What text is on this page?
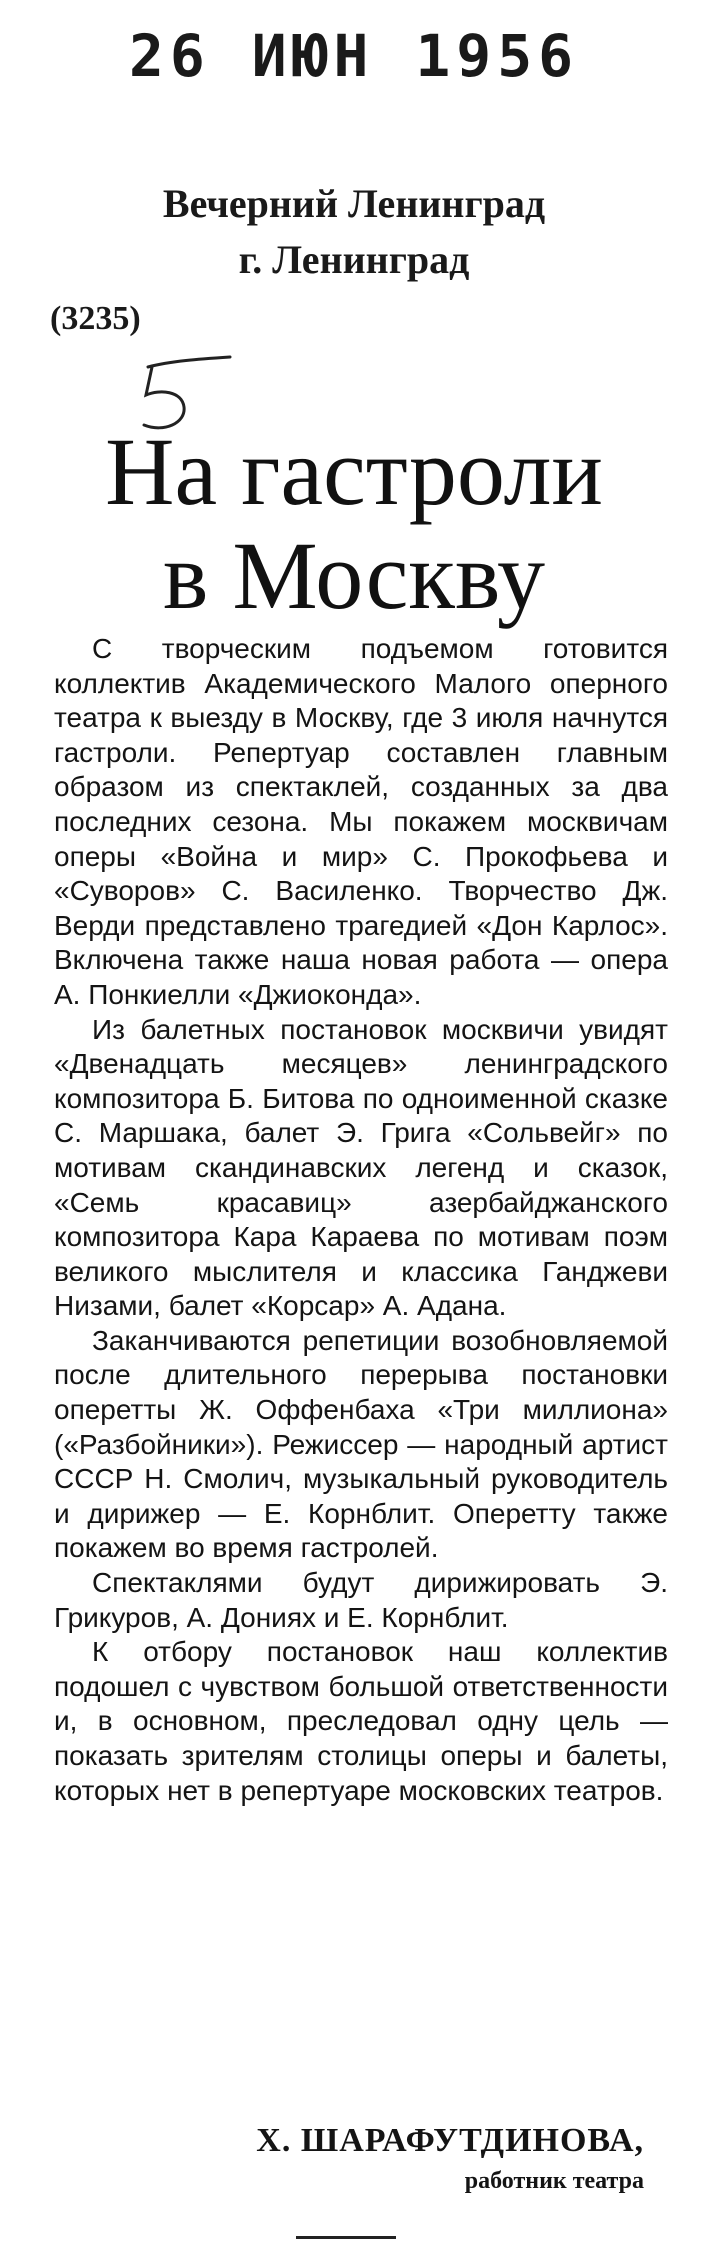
26 ИЮН 1956
Вечерний Ленинград
г. Ленинград
(3235)
На гастроли
в Москву

С творческим подъемом готовится коллектив Академического Малого оперного театра к выезду в Москву, где 3 июля начнутся гастроли. Репертуар составлен главным образом из спектаклей, созданных за два последних сезона. Мы покажем москвичам оперы «Война и мир» С. Прокофьева и «Суворов» С. Василенко. Творчество Дж. Верди представлено трагедией «Дон Карлос». Включена также наша новая работа — опера А. Понкиелли «Джиоконда».

Из балетных постановок москвичи увидят «Двенадцать месяцев» ленинградского композитора Б. Битова по одноименной сказке С. Маршака, балет Э. Грига «Сольвейг» по мотивам скандинавских легенд и сказок, «Семь красавиц» азербайджанского композитора Кара Караева по мотивам поэм великого мыслителя и классика Ганджеви Низами, балет «Корсар» А. Адана.

Заканчиваются репетиции возобновляемой после длительного перерыва постановки оперетты Ж. Оффенбаха «Три миллиона» («Разбойники»). Режиссер — народный артист СССР Н. Смолич, музыкальный руководитель и дирижер — Е. Корнблит. Оперетту также покажем во время гастролей.

Спектаклями будут дирижировать Э. Грикуров, А. Дониях и Е. Корнблит.

К отбору постановок наш коллектив подошел с чувством большой ответственности и, в основном, преследовал одну цель — показать зрителям столицы оперы и балеты, которых нет в репертуаре московских театров.

Х. ШАРАФУТДИНОВА,
работник театра
